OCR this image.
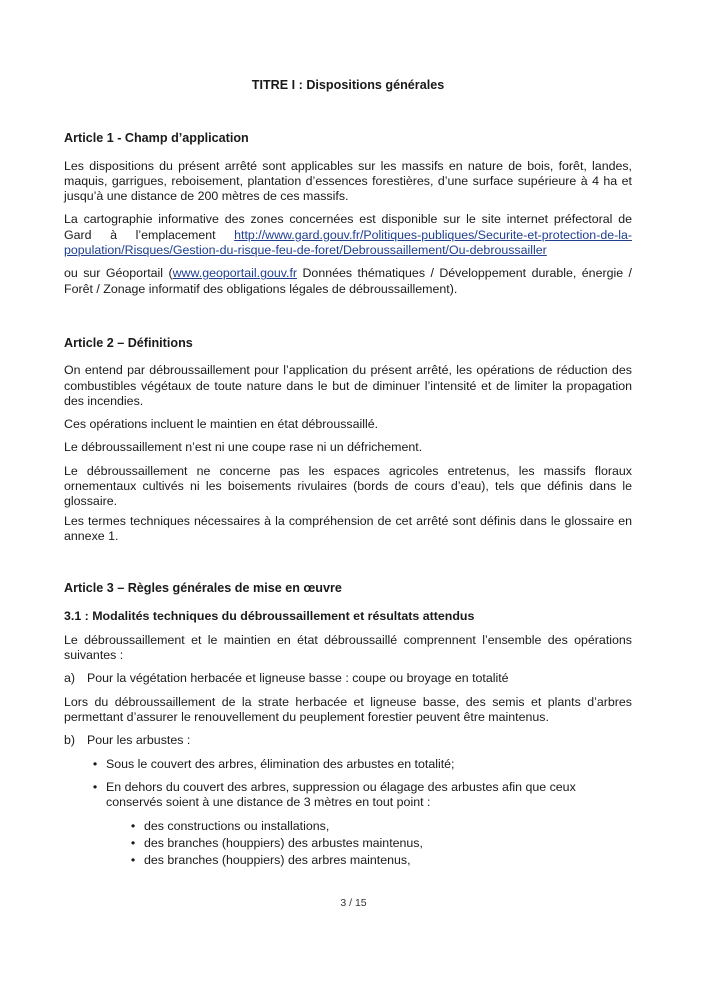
TITRE I : Dispositions générales
Article 1 - Champ d’application

Les dispositions du présent arrêté sont applicables sur les massifs en nature de bois, forêt, landes, maquis, garrigues, reboisement, plantation d’essences forestières, d’une surface supérieure à 4 ha et jusqu’à une distance de 200 mètres de ces massifs.

La cartographie informative des zones concernées est disponible sur le site internet préfectoral de Gard à l’emplacement http://www.gard.gouv.fr/Politiques-publiques/Securite-et-protection-de-la-population/Risques/Gestion-du-risque-feu-de-foret/Debroussaillement/Ou-debroussailler

ou sur Géoportail (www.geoportail.gouv.fr Données thématiques / Développement durable, énergie / Forêt / Zonage informatif des obligations légales de débroussaillement).

Article 2 – Définitions

On entend par débroussaillement pour l’application du présent arrêté, les opérations de réduction des combustibles végétaux de toute nature dans le but de diminuer l’intensité et de limiter la propagation des incendies.

Ces opérations incluent le maintien en état débroussaillé.

Le débroussaillement n’est ni une coupe rase ni un défrichement.

Le débroussaillement ne concerne pas les espaces agricoles entretenus, les massifs floraux ornementaux cultivés ni les boisements rivulaires (bords de cours d’eau), tels que définis dans le glossaire.

Les termes techniques nécessaires à la compréhension de cet arrêté sont définis dans le glossaire en annexe 1.

Article 3 – Règles générales de mise en œuvre
3.1 : Modalités techniques du débroussaillement et résultats attendus

Le débroussaillement et le maintien en état débroussaillé comprennent l’ensemble des opérations suivantes :

a) Pour la végétation herbacée et ligneuse basse : coupe ou broyage en totalité

Lors du débroussaillement de la strate herbacée et ligneuse basse, des semis et plants d’arbres permettant d’assurer le renouvellement du peuplement forestier peuvent être maintenus.

b) Pour les arbustes :
• Sous le couvert des arbres, élimination des arbustes en totalité;
• En dehors du couvert des arbres, suppression ou élagage des arbustes afin que ceux conservés soient à une distance de 3 mètres en tout point :
• des constructions ou installations,
• des branches (houppiers) des arbustes maintenus,
• des branches (houppiers) des arbres maintenus,
3 / 15
